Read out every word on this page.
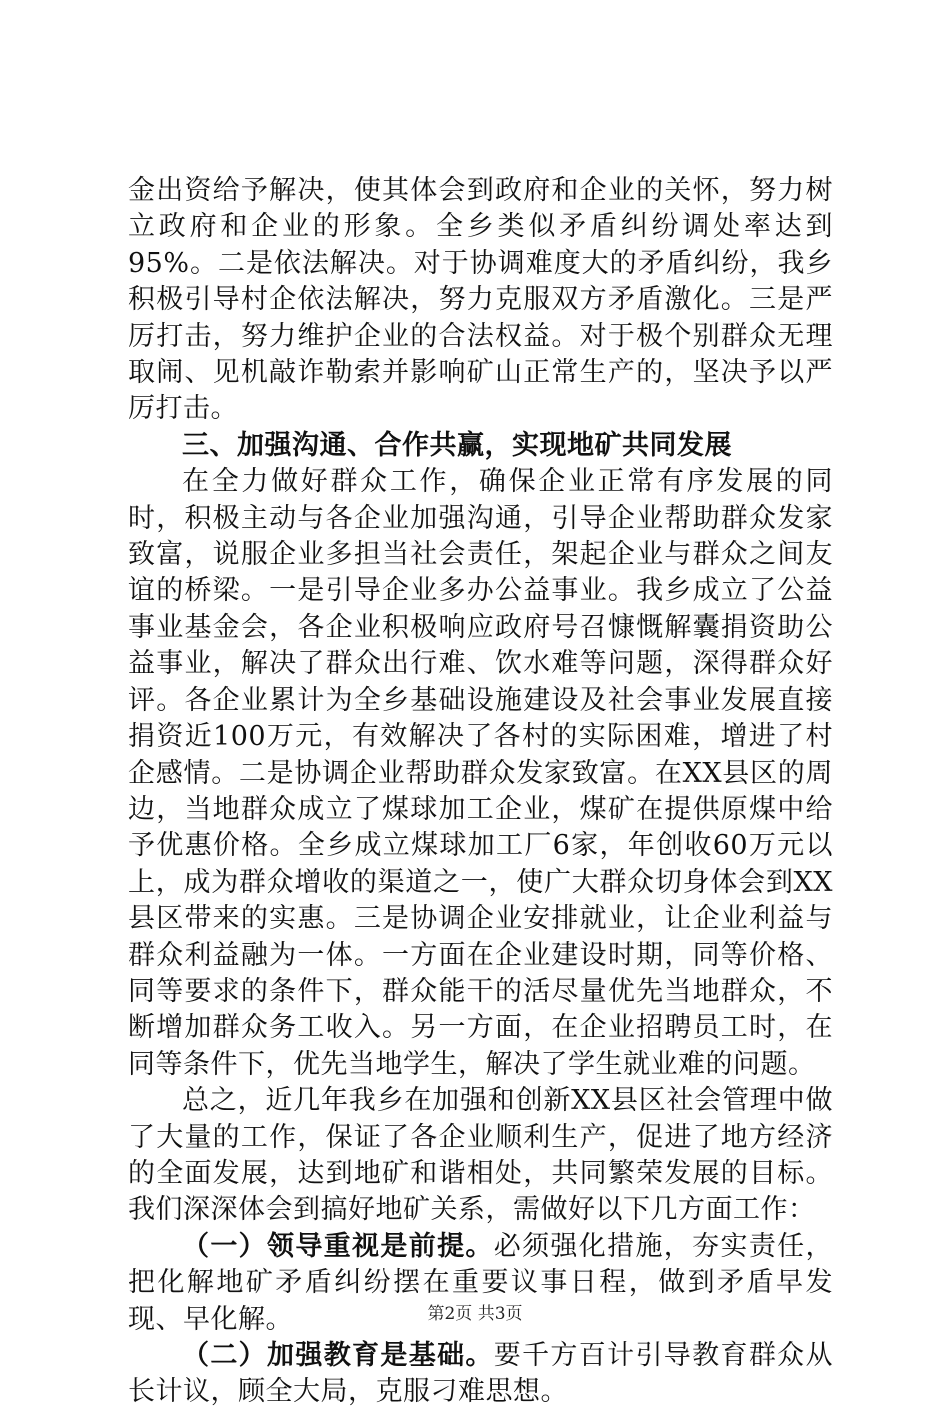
金出资给予解决，使其体会到政府和企业的关怀，努力树立政府和企业的形象。全乡类似矛盾纠纷调处率达到95%。二是依法解决。对于协调难度大的矛盾纠纷，我乡积极引导村企依法解决，努力克服双方矛盾激化。三是严厉打击，努力维护企业的合法权益。对于极个别群众无理取闹、见机敲诈勒索并影响矿山正常生产的，坚决予以严厉打击。

三、加强沟通、合作共赢，实现地矿共同发展

在全力做好群众工作，确保企业正常有序发展的同时，积极主动与各企业加强沟通，引导企业帮助群众发家致富，说服企业多担当社会责任，架起企业与群众之间友谊的桥梁。一是引导企业多办公益事业。我乡成立了公益事业基金会，各企业积极响应政府号召慷慨解囊捐资助公益事业，解决了群众出行难、饮水难等问题，深得群众好评。各企业累计为全乡基础设施建设及社会事业发展直接捐资近100万元，有效解决了各村的实际困难，增进了村企感情。二是协调企业帮助群众发家致富。在XX县区的周边，当地群众成立了煤球加工企业，煤矿在提供原煤中给予优惠价格。全乡成立煤球加工厂6家，年创收60万元以上，成为群众增收的渠道之一，使广大群众切身体会到XX县区带来的实惠。三是协调企业安排就业，让企业利益与群众利益融为一体。一方面在企业建设时期，同等价格、同等要求的条件下，群众能干的活尽量优先当地群众，不断增加群众务工收入。另一方面，在企业招聘员工时，在同等条件下，优先当地学生，解决了学生就业难的问题。

总之，近几年我乡在加强和创新XX县区社会管理中做了大量的工作，保证了各企业顺利生产，促进了地方经济的全面发展，达到地矿和谐相处，共同繁荣发展的目标。我们深深体会到搞好地矿关系，需做好以下几方面工作：

（一）领导重视是前提。必须强化措施，夯实责任，把化解地矿矛盾纠纷摆在重要议事日程，做到矛盾早发现、早化解。

（二）加强教育是基础。要千方百计引导教育群众从长计议，顾全大局，克服刁难思想。

第2页 共3页
